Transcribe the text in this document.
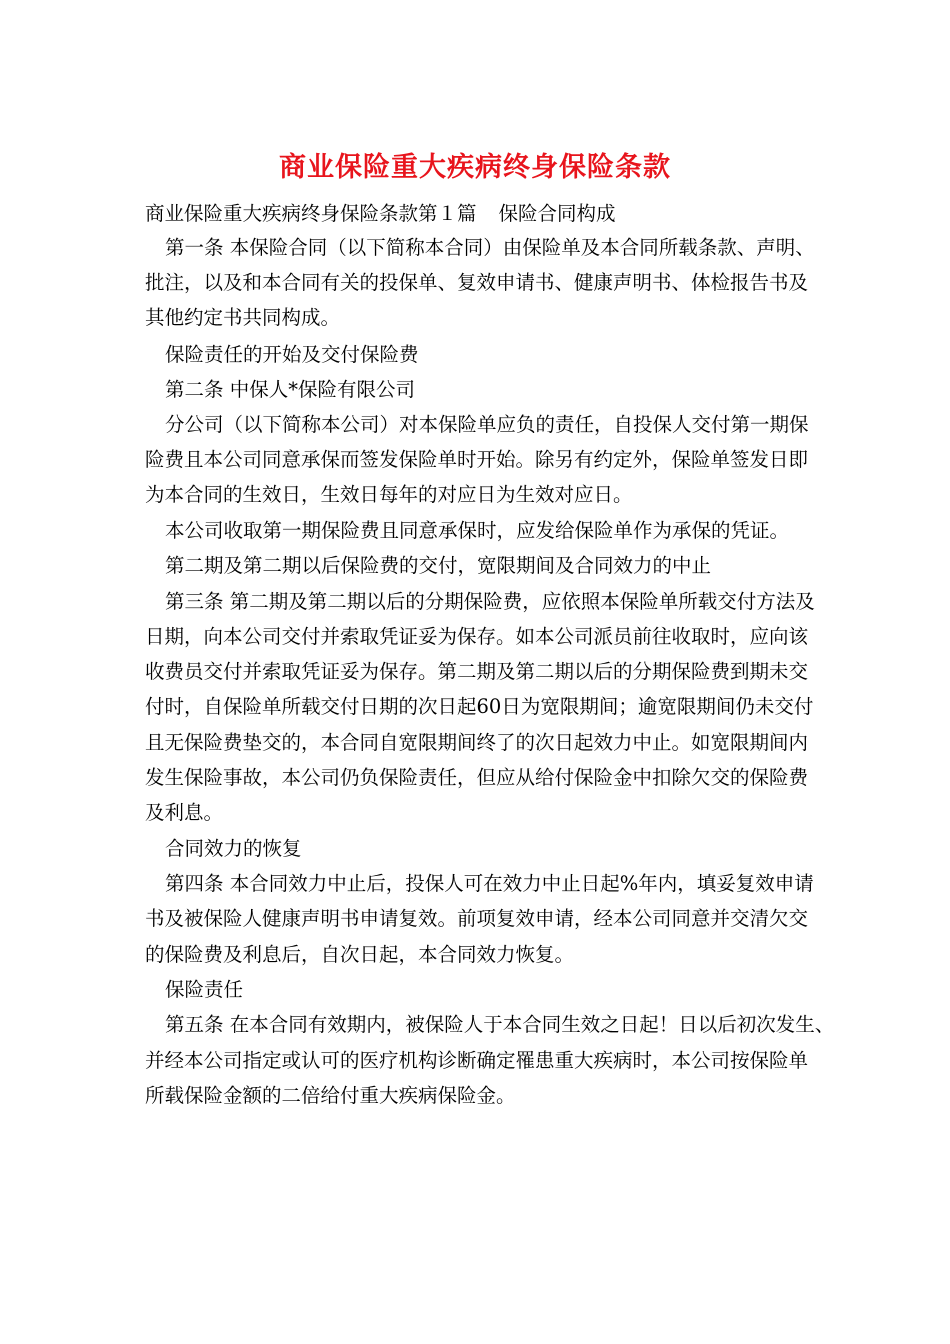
商业保险重大疾病终身保险条款
商业保险重大疾病终身保险条款第１篇 保险合同构成
第一条 本保险合同（以下简称本合同）由保险单及本合同所载条款、声明、
批注，以及和本合同有关的投保单、复效申请书、健康声明书、体检报告书及
其他约定书共同构成。
保险责任的开始及交付保险费
第二条 中保人*保险有限公司
分公司（以下简称本公司）对本保险单应负的责任，自投保人交付第一期保
险费且本公司同意承保而签发保险单时开始。除另有约定外，保险单签发日即
为本合同的生效日，生效日每年的对应日为生效对应日。
本公司收取第一期保险费且同意承保时，应发给保险单作为承保的凭证。
第二期及第二期以后保险费的交付，宽限期间及合同效力的中止
第三条 第二期及第二期以后的分期保险费，应依照本保险单所载交付方法及
日期，向本公司交付并索取凭证妥为保存。如本公司派员前往收取时，应向该
收费员交付并索取凭证妥为保存。第二期及第二期以后的分期保险费到期未交
付时，自保险单所载交付日期的次日起60日为宽限期间；逾宽限期间仍未交付
且无保险费垫交的，本合同自宽限期间终了的次日起效力中止。如宽限期间内
发生保险事故，本公司仍负保险责任，但应从给付保险金中扣除欠交的保险费
及利息。
合同效力的恢复
第四条 本合同效力中止后，投保人可在效力中止日起%年内，填妥复效申请
书及被保险人健康声明书申请复效。前项复效申请，经本公司同意并交清欠交
的保险费及利息后，自次日起，本合同效力恢复。
保险责任
第五条 在本合同有效期内，被保险人于本合同生效之日起！日以后初次发生、
并经本公司指定或认可的医疗机构诊断确定罹患重大疾病时，本公司按保险单
所载保险金额的二倍给付重大疾病保险金。
